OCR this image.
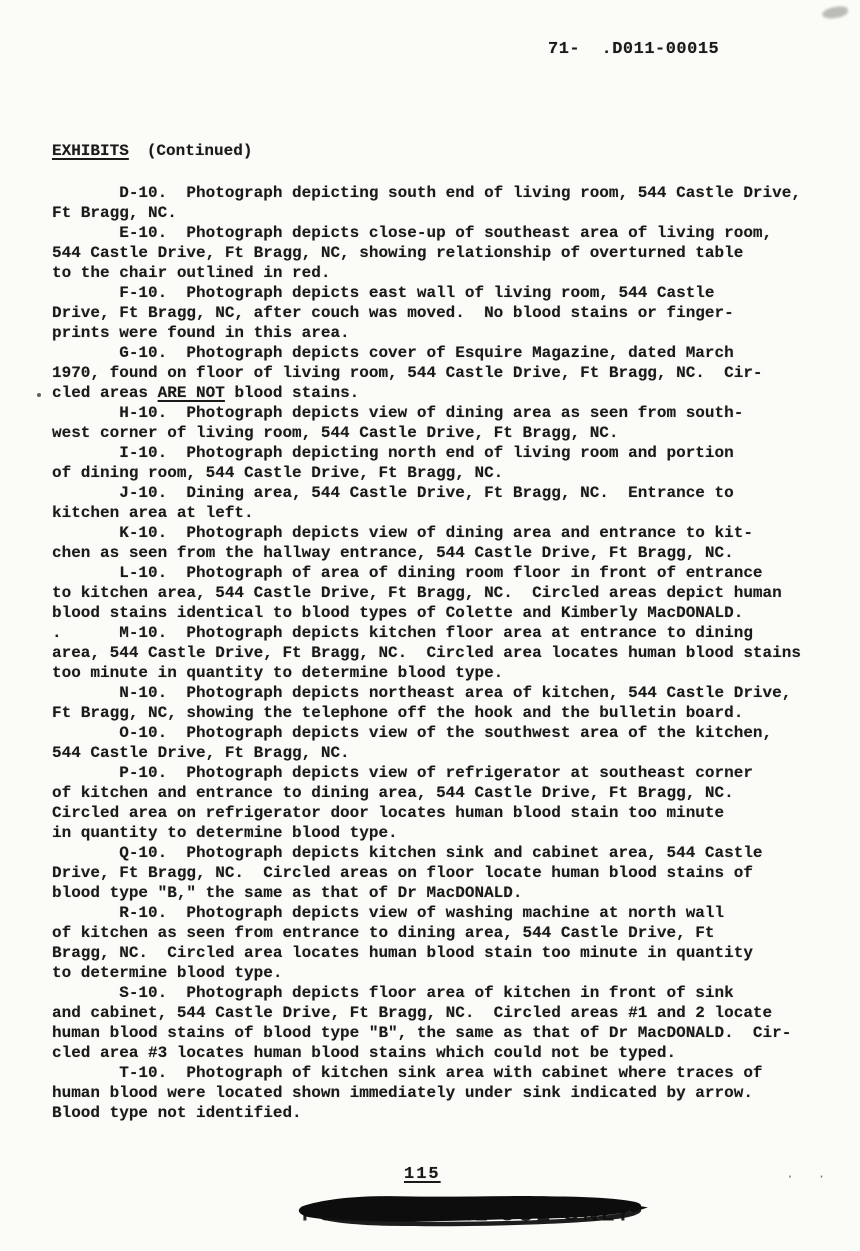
71-  .D011-00015
EXHIBITS (Continued)
D-10.  Photograph depicting south end of living room, 544 Castle Drive,
Ft Bragg, NC.
E-10.  Photograph depicts close-up of southeast area of living room,
544 Castle Drive, Ft Bragg, NC, showing relationship of overturned table
to the chair outlined in red.
F-10.  Photograph depicts east wall of living room, 544 Castle
Drive, Ft Bragg, NC, after couch was moved.  No blood stains or finger-
prints were found in this area.
G-10.  Photograph depicts cover of Esquire Magazine, dated March
1970, found on floor of living room, 544 Castle Drive, Ft Bragg, NC.  Cir-
cled areas ARE NOT blood stains.
H-10.  Photograph depicts view of dining area as seen from south-
west corner of living room, 544 Castle Drive, Ft Bragg, NC.
I-10.  Photograph depicting north end of living room and portion
of dining room, 544 Castle Drive, Ft Bragg, NC.
J-10.  Dining area, 544 Castle Drive, Ft Bragg, NC.  Entrance to
kitchen area at left.
K-10.  Photograph depicts view of dining area and entrance to kit-
chen as seen from the hallway entrance, 544 Castle Drive, Ft Bragg, NC.
L-10.  Photograph of area of dining room floor in front of entrance
to kitchen area, 544 Castle Drive, Ft Bragg, NC.  Circled areas depict human
blood stains identical to blood types of Colette and Kimberly MacDONALD.
.      M-10.  Photograph depicts kitchen floor area at entrance to dining
area, 544 Castle Drive, Ft Bragg, NC.  Circled area locates human blood stains
too minute in quantity to determine blood type.
N-10.  Photograph depicts northeast area of kitchen, 544 Castle Drive,
Ft Bragg, NC, showing the telephone off the hook and the bulletin board.
O-10.  Photograph depicts view of the southwest area of the kitchen,
544 Castle Drive, Ft Bragg, NC.
P-10.  Photograph depicts view of refrigerator at southeast corner
of kitchen and entrance to dining area, 544 Castle Drive, Ft Bragg, NC.
Circled area on refrigerator door locates human blood stain too minute
in quantity to determine blood type.
Q-10.  Photograph depicts kitchen sink and cabinet area, 544 Castle
Drive, Ft Bragg, NC.  Circled areas on floor locate human blood stains of
blood type "B," the same as that of Dr MacDONALD.
R-10.  Photograph depicts view of washing machine at north wall
of kitchen as seen from entrance to dining area, 544 Castle Drive, Ft
Bragg, NC.  Circled area locates human blood stain too minute in quantity
to determine blood type.
S-10.  Photograph depicts floor area of kitchen in front of sink
and cabinet, 544 Castle Drive, Ft Bragg, NC.  Circled areas #1 and 2 locate
human blood stains of blood type "B", the same as that of Dr MacDONALD.  Cir-
cled area #3 locates human blood stains which could not be typed.
T-10.  Photograph of kitchen sink area with cabinet where traces of
human blood were located shown immediately under sink indicated by arrow.
Blood type not identified.
115	· ·
